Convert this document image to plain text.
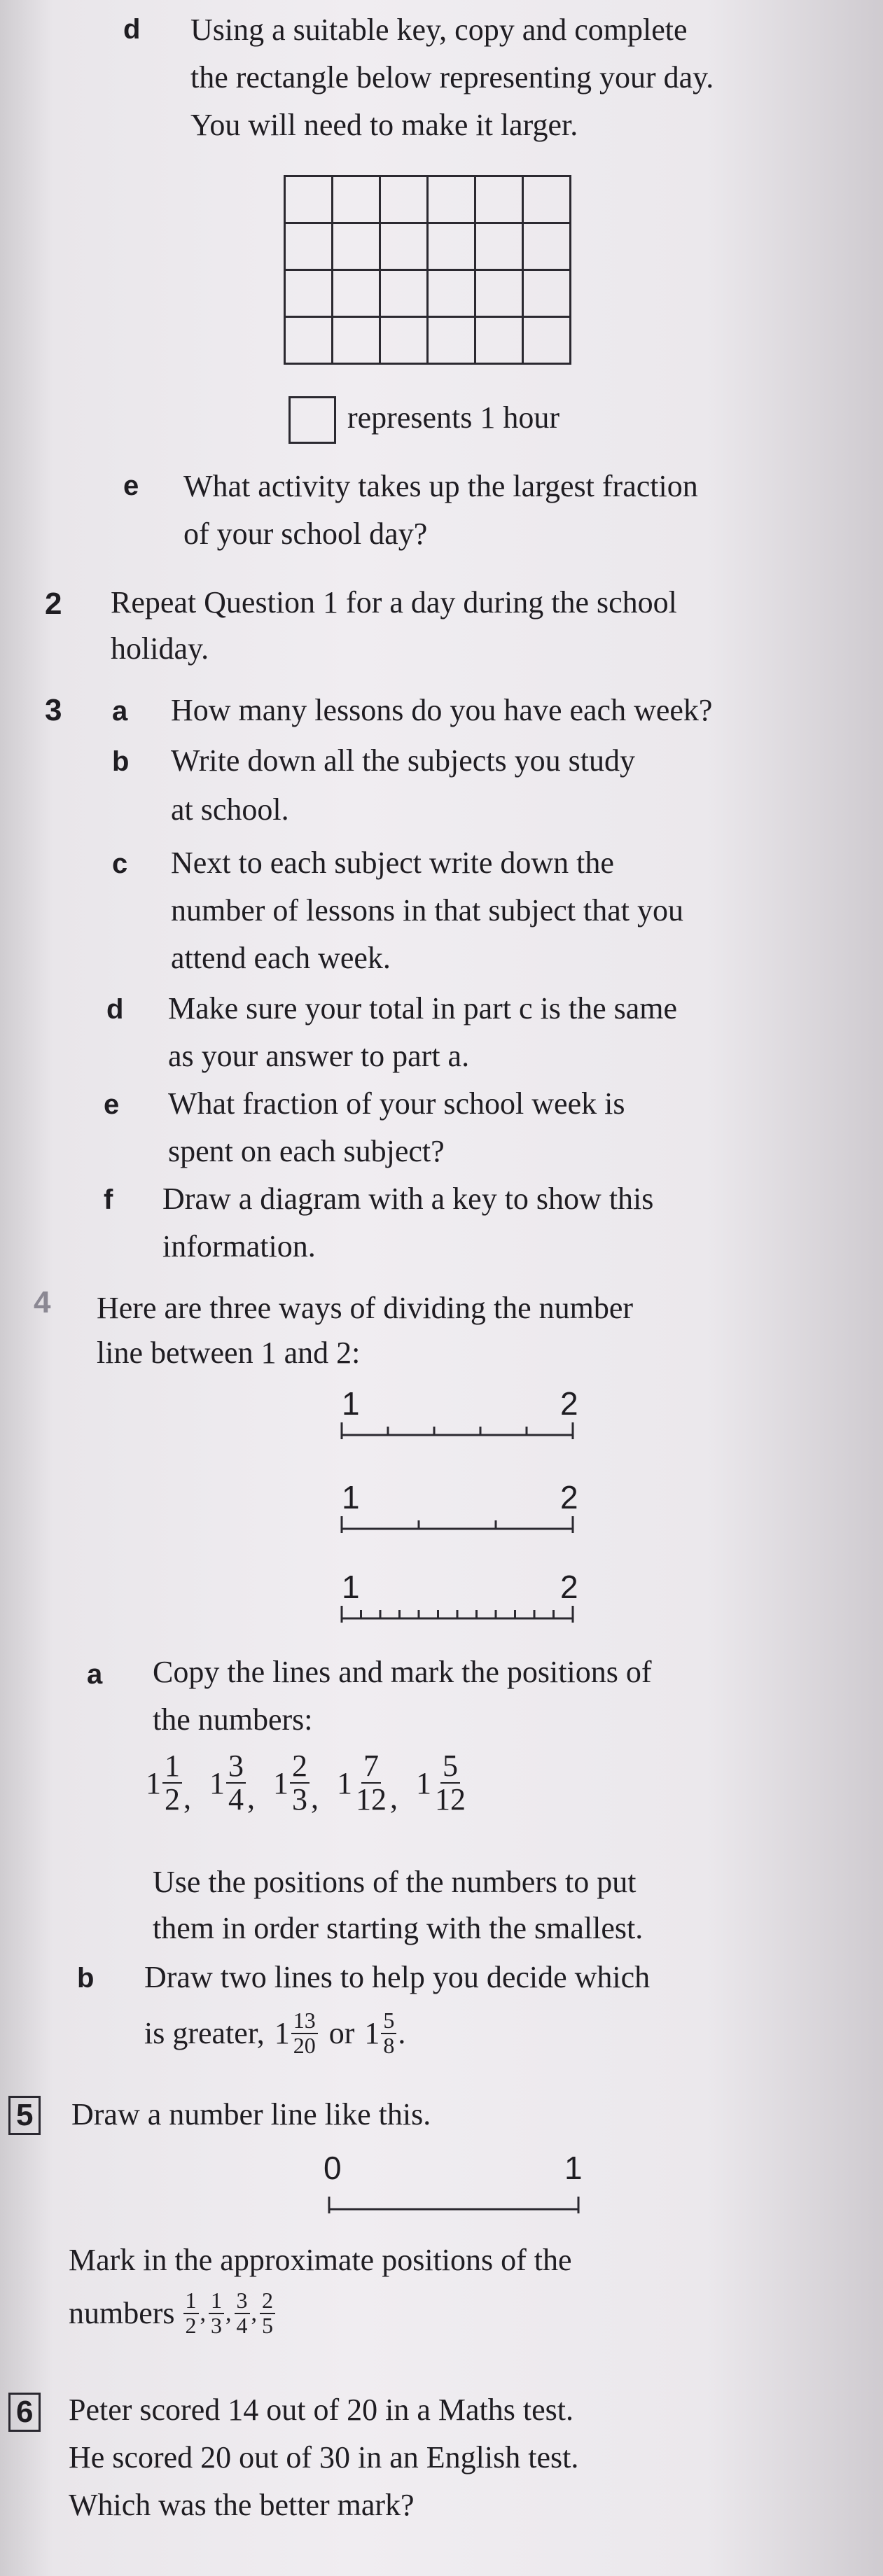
d Using a suitable key, copy and complete
the rectangle below representing your day.
You will need to make it larger.

represents 1 hour
e What activity takes up the largest fraction
of your school day?
2 Repeat Question 1 for a day during the school
holiday.
3 a How many lessons do you have each week?
b Write down all the subjects you study
at school.
c Next to each subject write down the
number of lessons in that subject that you
attend each week.
d Make sure your total in part c is the same
as your answer to part a.
e What fraction of your school week is
spent on each subject?
f Draw a diagram with a key to show this
information.
4 Here are three ways of dividing the number
line between 1 and 2:
1	2
1	2
1	2
a Copy the lines and mark the positions of
the numbers:
$1 \frac{1}{2}$ , $1 \frac{3}{4}$ , $1 \frac{2}{3}$ , $1 \frac{7}{12}$ , $1 \frac{5}{12}$
Use the positions of the numbers to put
them in order starting with the smallest.
b Draw two lines to help you decide which
is greater, $1 \frac{13}{20}$ or $1 \frac{5}{8}$ .
5 Draw a number line like this.
0	1
Mark in the approximate positions of the
numbers $\frac{1}{2}$ , $\frac{1}{3}$ , $\frac{3}{4}$ , $\frac{2}{5}$
6 Peter scored 14 out of 20 in a Maths test.
He scored 20 out of 30 in an English test.
Which was the better mark?
